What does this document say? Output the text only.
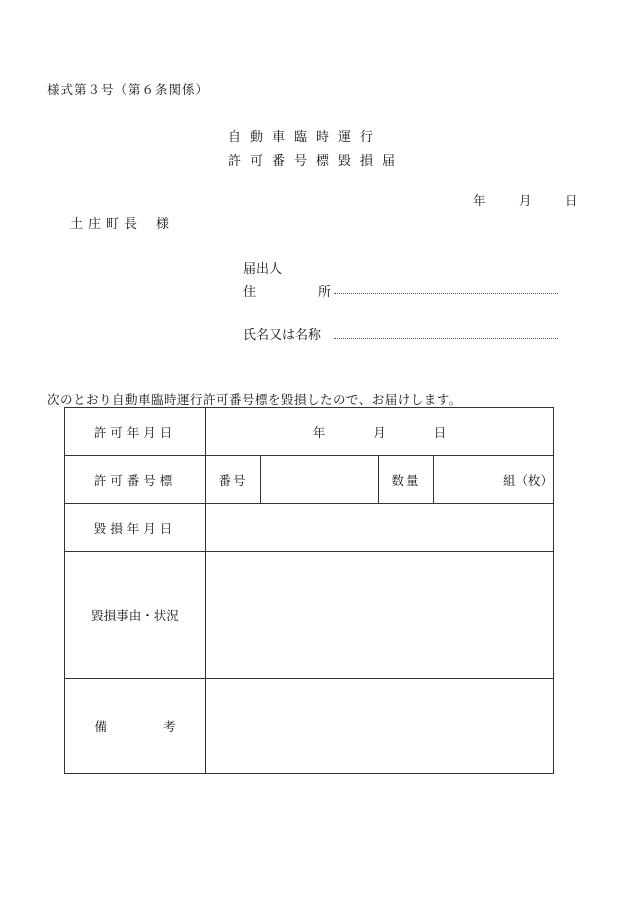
様式第３号（第６条関係）
自動車臨時運行
許可番号標毀損届
年	月	日
土庄町長 様
届出人
住	所
氏名又は名称
次のとおり自動車臨時運行許可番号標を毀損したので、お届けします。
許可年月日	年 月 日			
許可番号標	番号		数量	組（枚）
毀損年月日				
毀損事由・状況				
備 考				
